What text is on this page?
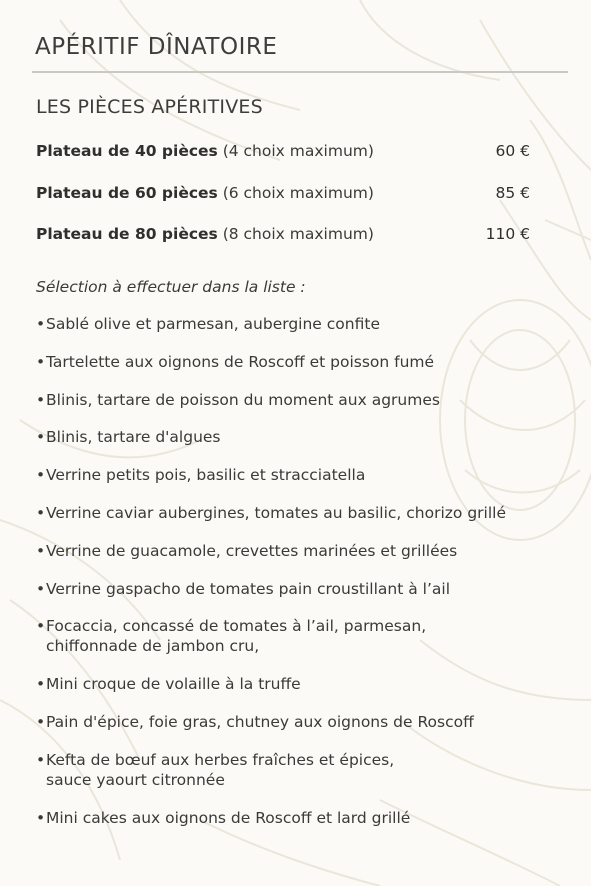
APÉRITIF DÎNATOIRE
LES PIÈCES APÉRITIVES
Plateau de 40 pièces (4 choix maximum)	60 €
Plateau de 60 pièces (6 choix maximum)	85 €
Plateau de 80 pièces (8 choix maximum)	110 €
Sélection à effectuer dans la liste :
• Sablé olive et parmesan, aubergine confite
• Tartelette aux oignons de Roscoff et poisson fumé
• Blinis, tartare de poisson du moment aux agrumes
• Blinis, tartare d'algues
• Verrine petits pois, basilic et stracciatella
• Verrine caviar aubergines, tomates au basilic, chorizo grillé
• Verrine de guacamole, crevettes marinées et grillées
• Verrine gaspacho de tomates pain croustillant à l’ail
• Focaccia, concassé de tomates à l’ail, parmesan,
chiffonnade de jambon cru,
• Mini croque de volaille à la truffe
• Pain d'épice, foie gras, chutney aux oignons de Roscoff
• Kefta de bœuf aux herbes fraîches et épices,
sauce yaourt citronnée
• Mini cakes aux oignons de Roscoff et lard grillé
